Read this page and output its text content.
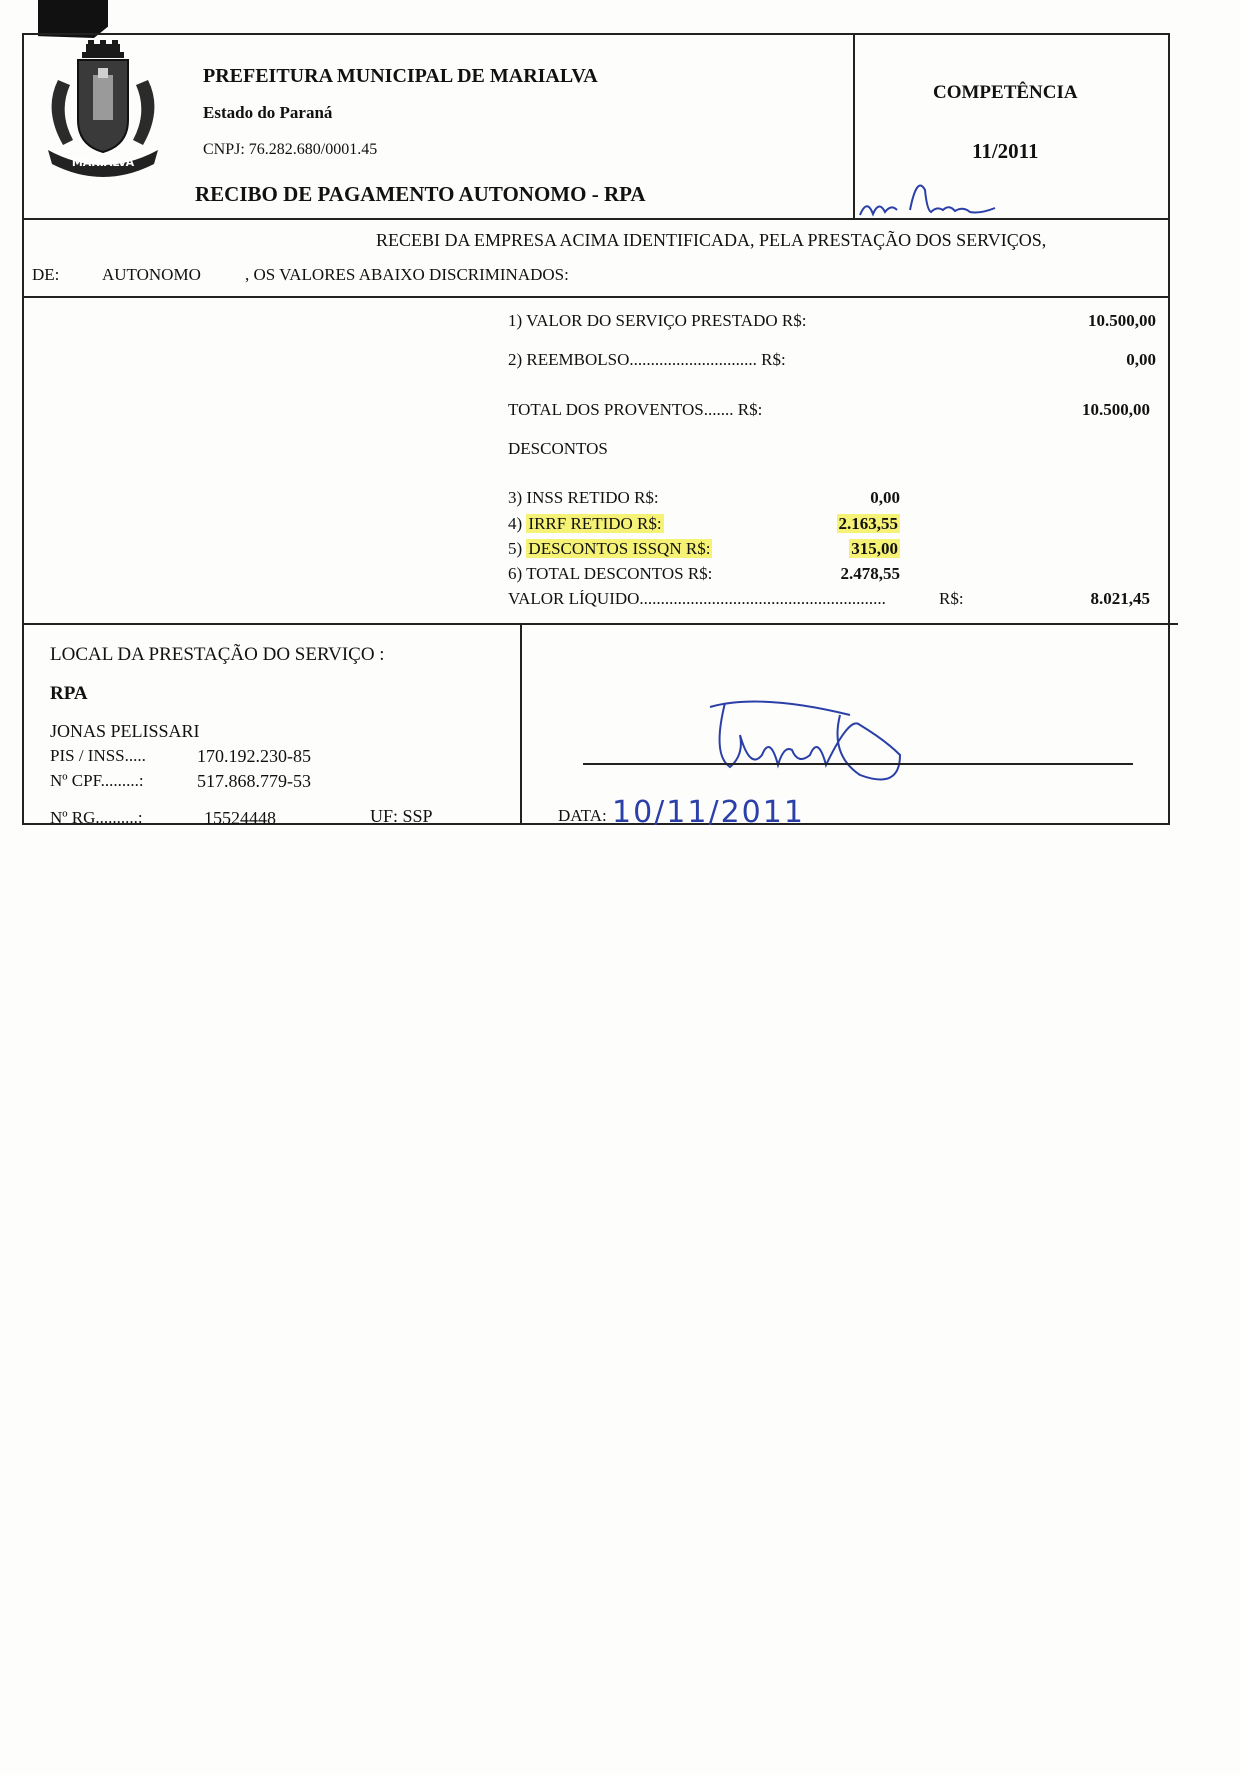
MARIALVA
PREFEITURA MUNICIPAL DE MARIALVA
Estado do Paraná
CNPJ: 76.282.680/0001.45
RECIBO DE PAGAMENTO AUTONOMO - RPA
COMPETÊNCIA
11/2011
RECEBI DA EMPRESA ACIMA IDENTIFICADA, PELA PRESTAÇÃO DOS SERVIÇOS,
DE:	AUTONOMO	, OS VALORES ABAIXO DISCRIMINADOS:
1) VALOR DO SERVIÇO PRESTADO R$:	10.500,00
2) REEMBOLSO.............................. R$:	0,00
TOTAL DOS PROVENTOS....... R$:	10.500,00
DESCONTOS
3) INSS RETIDO R$:	0,00
4) IRRF RETIDO R$:	2.163,55
5) DESCONTOS ISSQN R$:	315,00
6) TOTAL DESCONTOS R$:	2.478,55
VALOR LÍQUIDO..........................................................	R$:	8.021,45
LOCAL DA PRESTAÇÃO DO SERVIÇO :
RPA
JONAS PELISSARI
PIS / INSS.....	170.192.230-85
Nº CPF.........:	517.868.779-53
Nº RG..........:	15524448	UF: SSP	DATA: 10/11/2011
